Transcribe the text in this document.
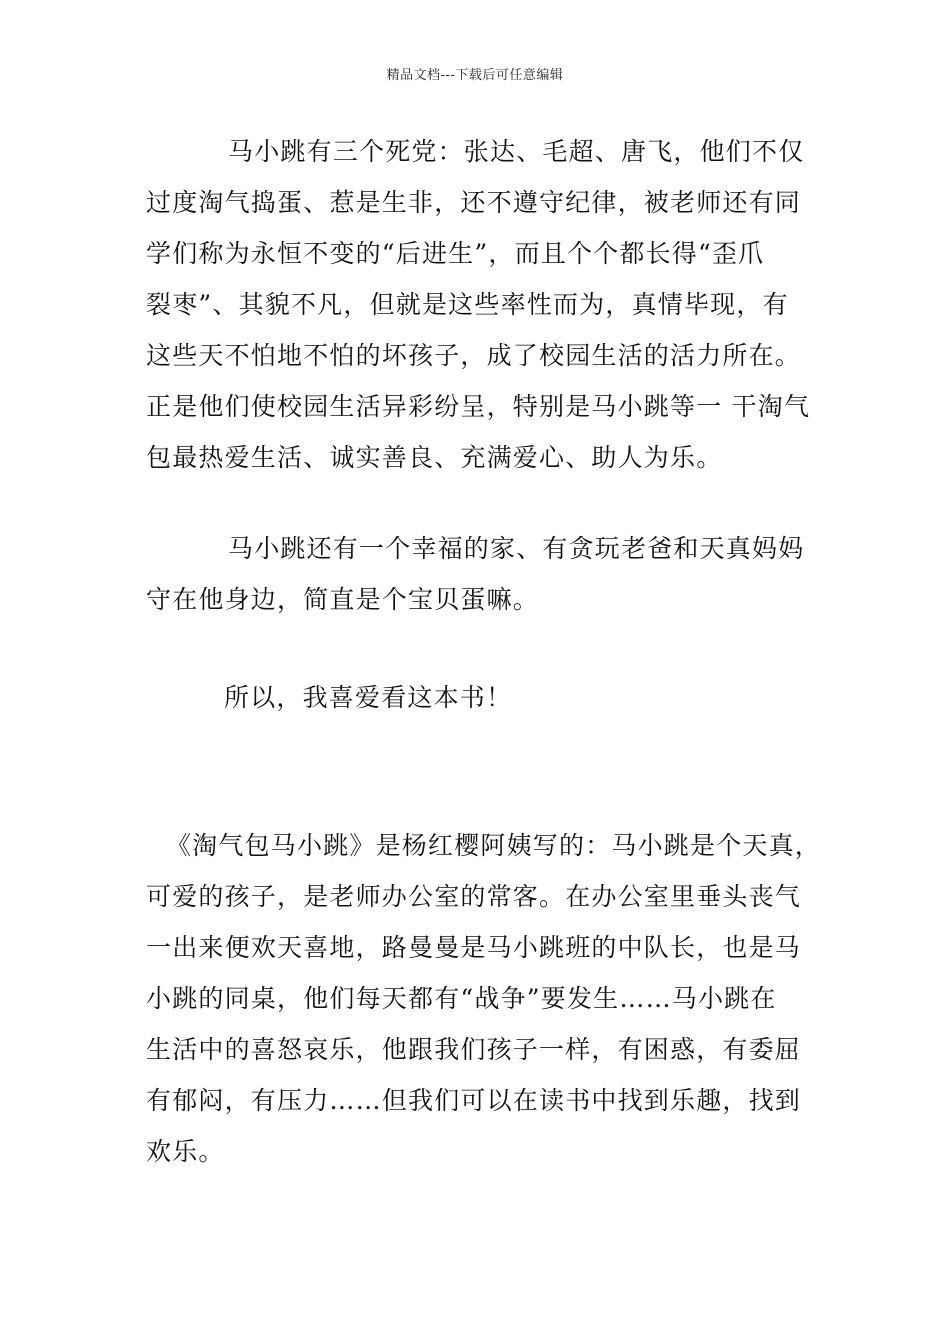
精品文档---下载后可任意编辑
马小跳有三个死党：张达、毛超、唐飞，他们不仅
过度淘气捣蛋、惹是生非，还不遵守纪律，被老师还有同
学们称为永恒不变的“后进生”，而且个个都长得“歪爪
裂枣”、其貌不凡，但就是这些率性而为，真情毕现，有
这些天不怕地不怕的坏孩子，成了校园生活的活力所在。
正是他们使校园生活异彩纷呈，特别是马小跳等一 干淘气
包最热爱生活、诚实善良、充满爱心、助人为乐。
马小跳还有一个幸福的家、有贪玩老爸和天真妈妈
守在他身边，简直是个宝贝蛋嘛。
所以，我喜爱看这本书！
《淘气包马小跳》是杨红樱阿姨写的：马小跳是个天真，
可爱的孩子，是老师办公室的常客。在办公室里垂头丧气
一出来便欢天喜地，路曼曼是马小跳班的中队长，也是马
小跳的同桌，他们每天都有“战争”要发生……马小跳在
生活中的喜怒哀乐，他跟我们孩子一样，有困惑，有委屈
有郁闷，有压力……但我们可以在读书中找到乐趣，找到
欢乐。
